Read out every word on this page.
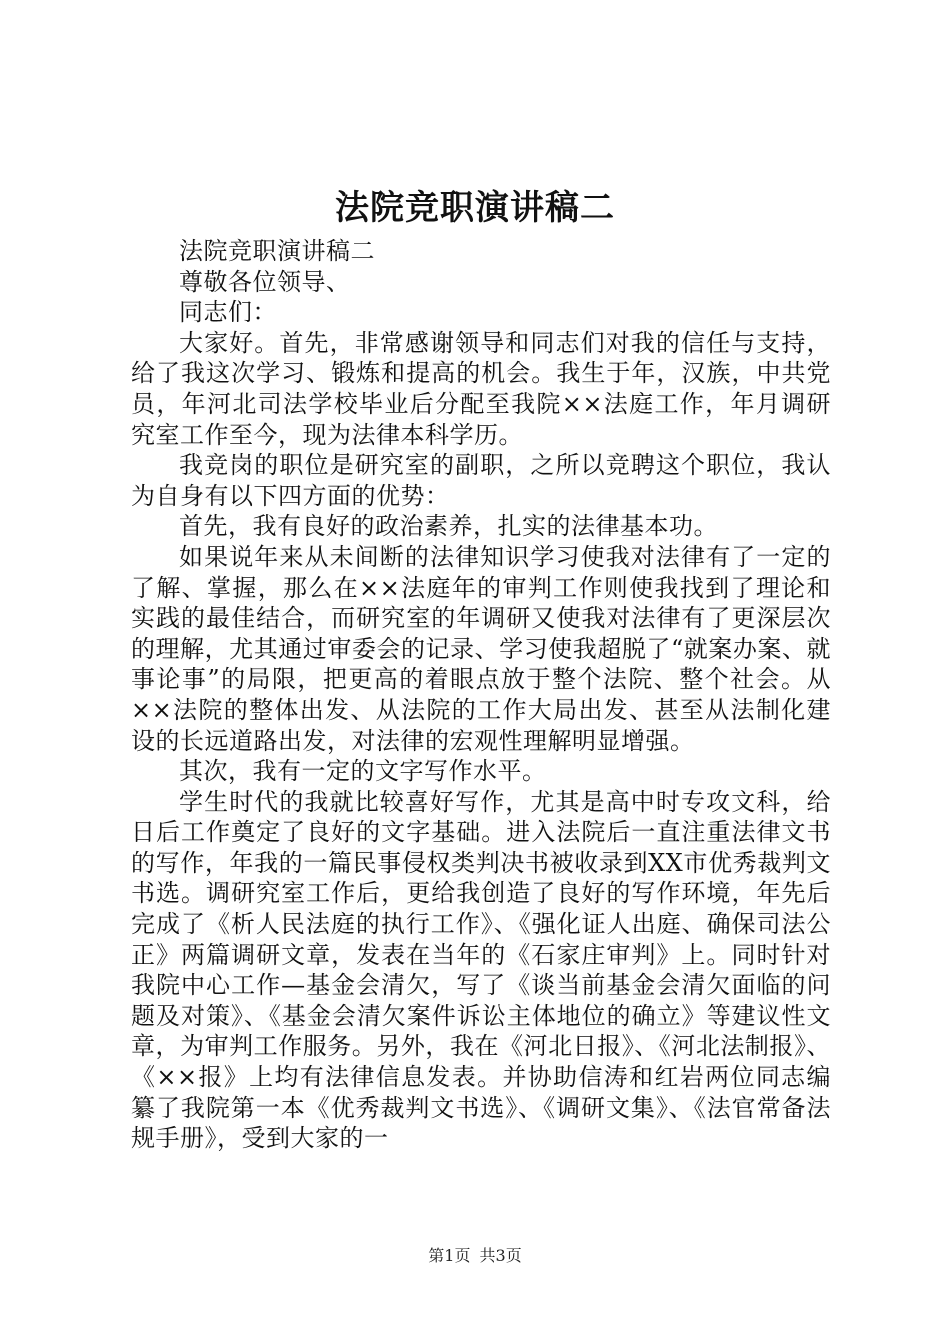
法院竞职演讲稿二

法院竞职演讲稿二

尊敬各位领导、

同志们：

大家好。首先，非常感谢领导和同志们对我的信任与支持，给了我这次学习、锻炼和提高的机会。我生于年，汉族，中共党员，年河北司法学校毕业后分配至我院××法庭工作，年月调研究室工作至今，现为法律本科学历。

我竞岗的职位是研究室的副职，之所以竞聘这个职位，我认为自身有以下四方面的优势：

首先，我有良好的政治素养，扎实的法律基本功。

如果说年来从未间断的法律知识学习使我对法律有了一定的了解、掌握，那么在××法庭年的审判工作则使我找到了理论和实践的最佳结合，而研究室的年调研又使我对法律有了更深层次的理解，尤其通过审委会的记录、学习使我超脱了“就案办案、就事论事”的局限，把更高的着眼点放于整个法院、整个社会。从××法院的整体出发、从法院的工作大局出发、甚至从法制化建设的长远道路出发，对法律的宏观性理解明显增强。

其次，我有一定的文字写作水平。

学生时代的我就比较喜好写作，尤其是高中时专攻文科，给日后工作奠定了良好的文字基础。进入法院后一直注重法律文书的写作，年我的一篇民事侵权类判决书被收录到XX市优秀裁判文书选。调研究室工作后，更给我创造了良好的写作环境，年先后完成了《析人民法庭的执行工作》、《强化证人出庭、确保司法公正》两篇调研文章，发表在当年的《石家庄审判》上。同时针对我院中心工作—基金会清欠，写了《谈当前基金会清欠面临的问题及对策》、《基金会清欠案件诉讼主体地位的确立》等建议性文章，为审判工作服务。另外，我在《河北日报》、《河北法制报》、《××报》上均有法律信息发表。并协助信涛和红岩两位同志编纂了我院第一本《优秀裁判文书选》、《调研文集》、《法官常备法规手册》，受到大家的一

第1页 共3页
